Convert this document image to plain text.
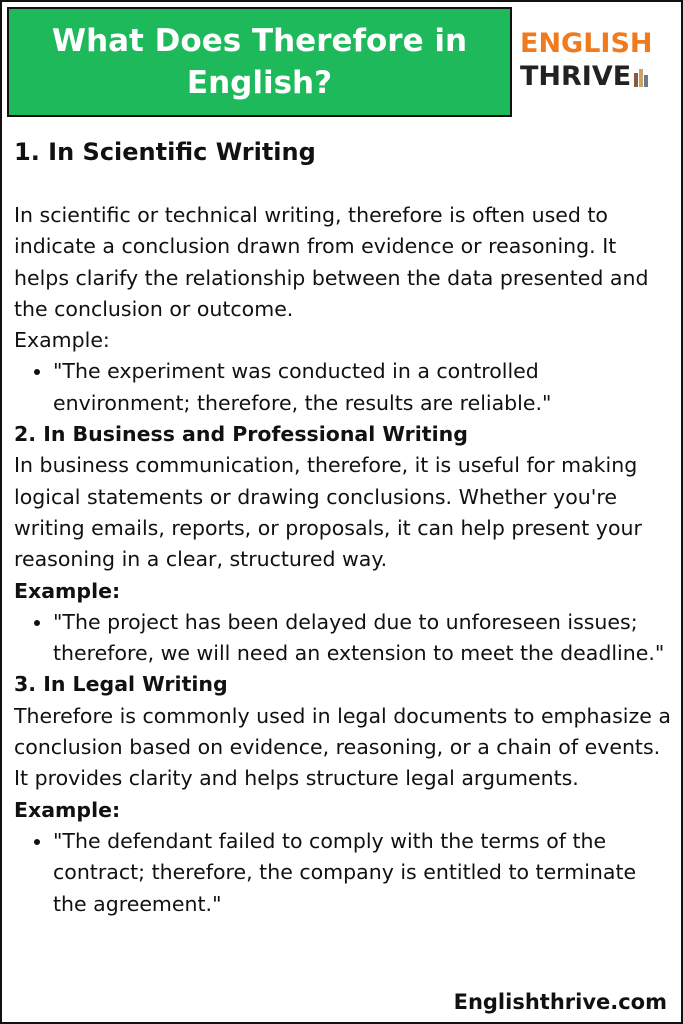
What Does Therefore in English?
ENGLISH
THRIVE
1. In Scientific Writing

In scientific or technical writing, therefore is often used to indicate a conclusion drawn from evidence or reasoning. It helps clarify the relationship between the data presented and the conclusion or outcome.

Example:

• "The experiment was conducted in a controlled environment; therefore, the results are reliable."
2. In Business and Professional Writing

In business communication, therefore, it is useful for making logical statements or drawing conclusions. Whether you're writing emails, reports, or proposals, it can help present your reasoning in a clear, structured way.

Example:

• "The project has been delayed due to unforeseen issues; therefore, we will need an extension to meet the deadline."
3. In Legal Writing

Therefore is commonly used in legal documents to emphasize a conclusion based on evidence, reasoning, or a chain of events. It provides clarity and helps structure legal arguments.

Example:

• "The defendant failed to comply with the terms of the contract; therefore, the company is entitled to terminate the agreement."
Englishthrive.com
